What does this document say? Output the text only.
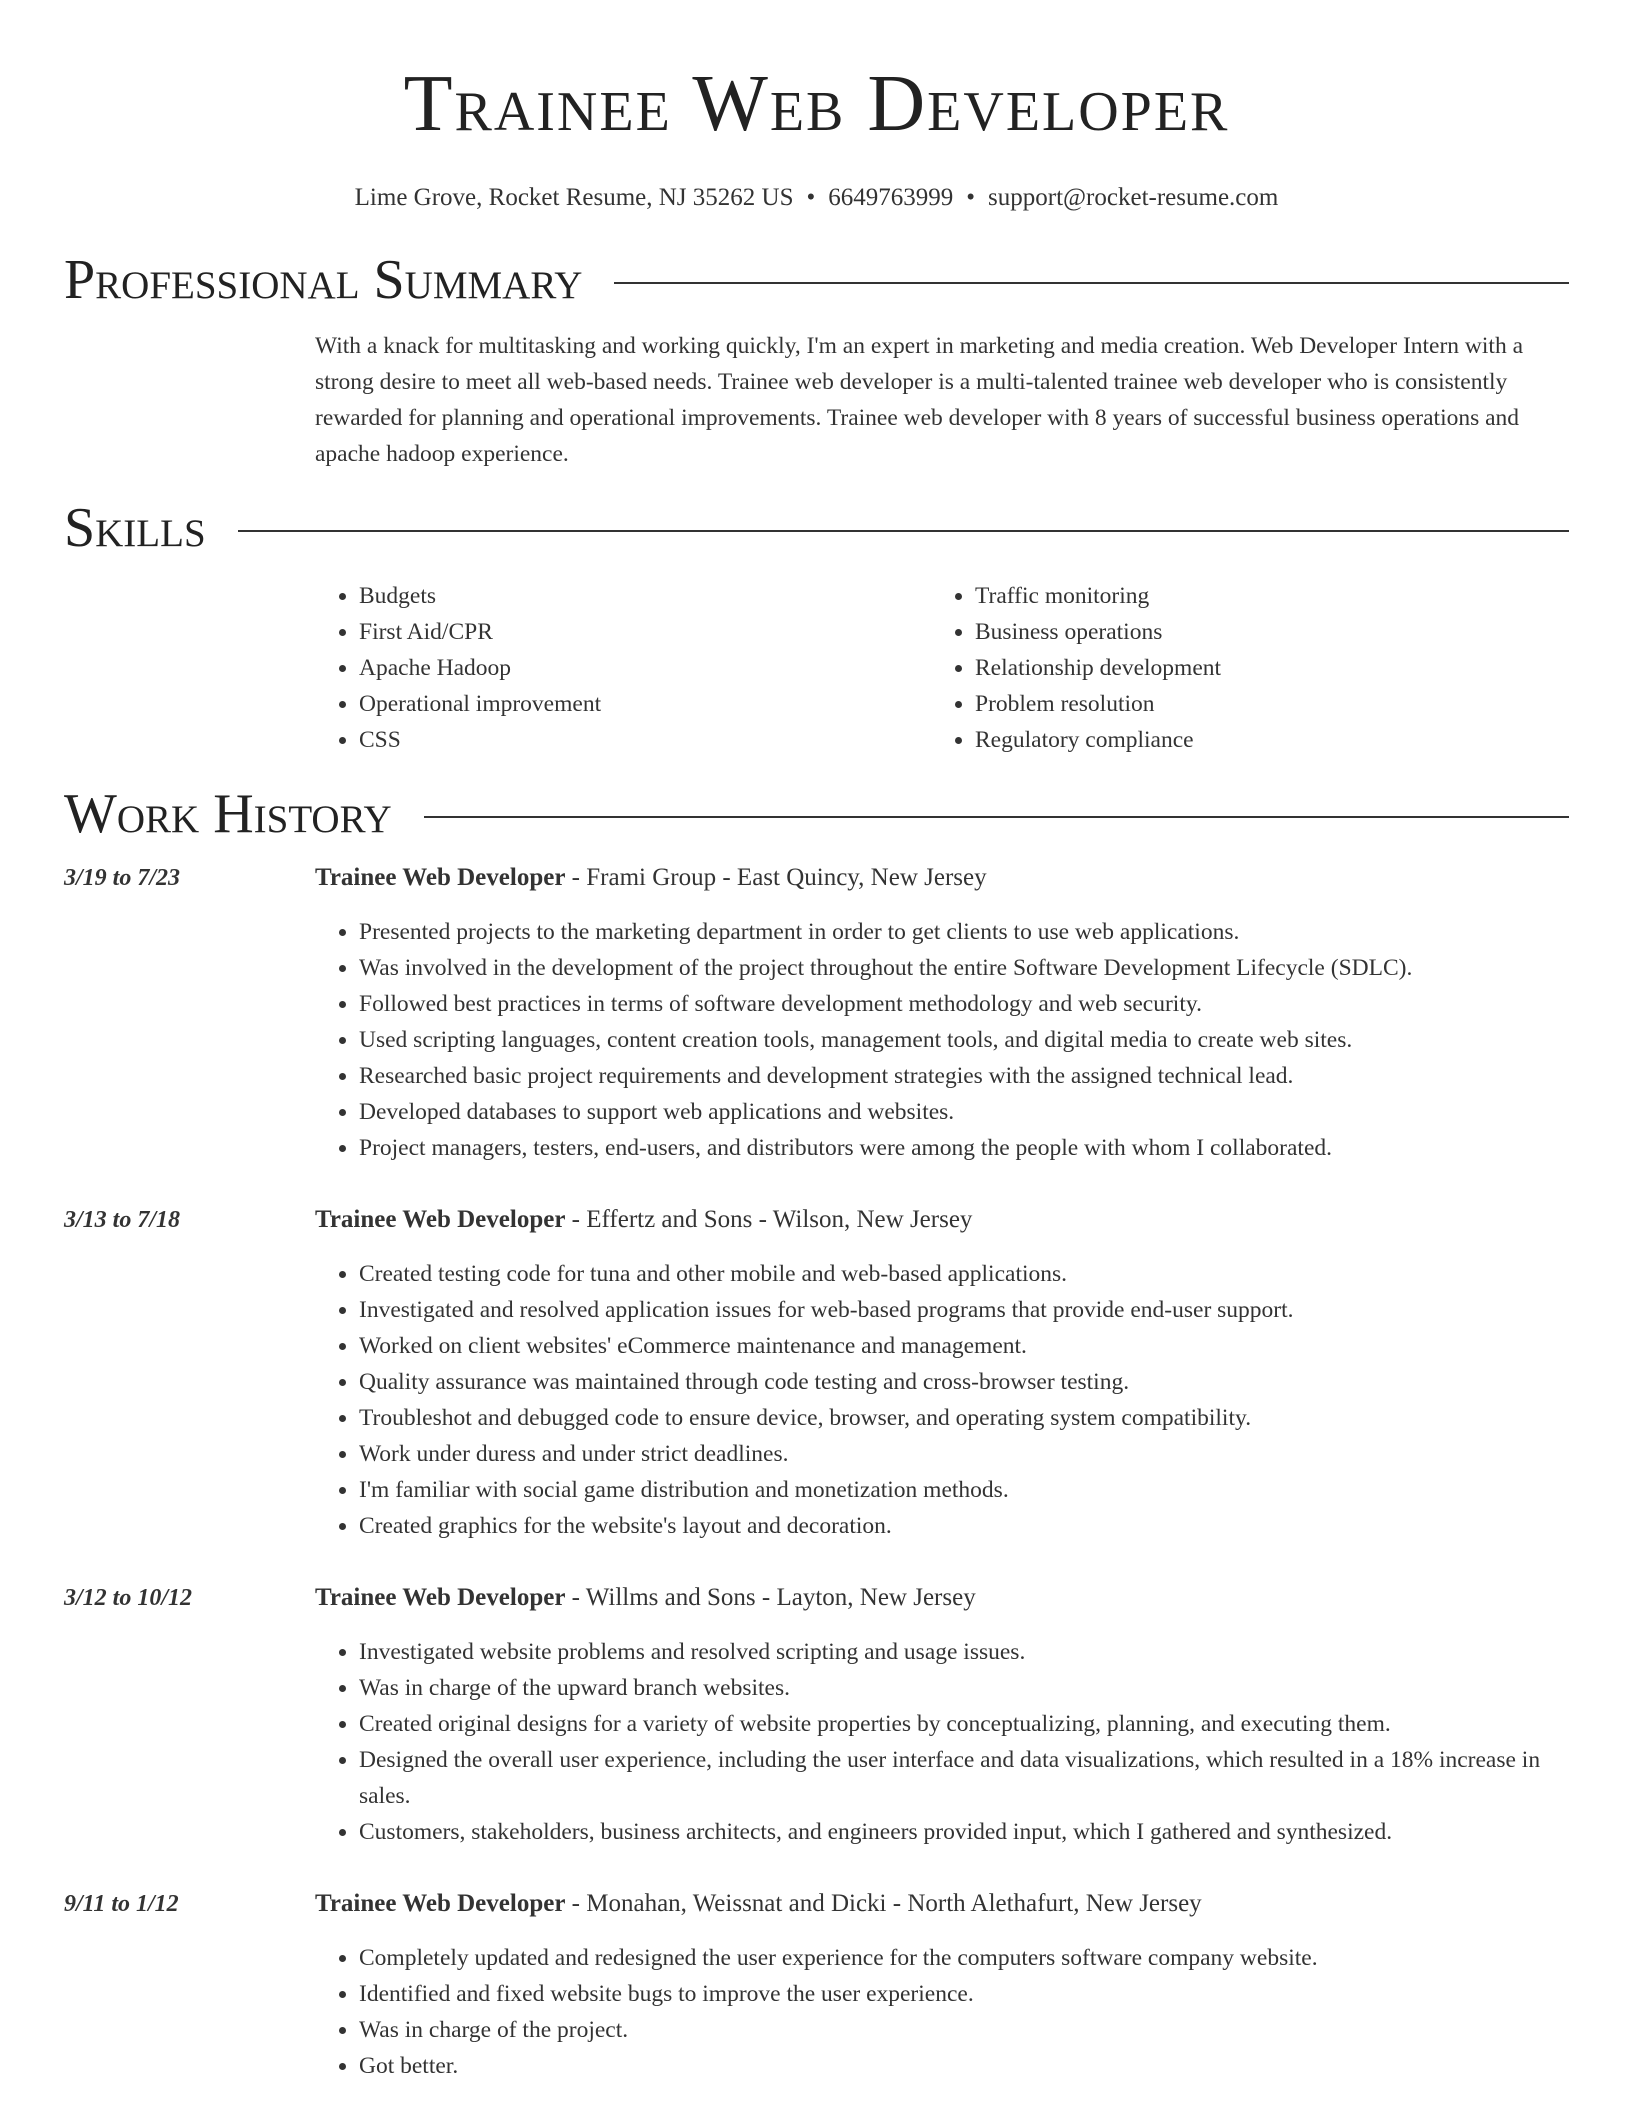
Trainee Web Developer
Lime Grove, Rocket Resume, NJ 35262 US • 6649763999 • support@rocket-resume.com
Professional Summary
With a knack for multitasking and working quickly, I'm an expert in marketing and media creation. Web Developer Intern with a strong desire to meet all web-based needs. Trainee web developer is a multi-talented trainee web developer who is consistently rewarded for planning and operational improvements. Trainee web developer with 8 years of successful business operations and apache hadoop experience.
Skills
• Budgets
• First Aid/CPR
• Apache Hadoop
• Operational improvement
• CSS
• Traffic monitoring
• Business operations
• Relationship development
• Problem resolution
• Regulatory compliance
Work History
3/19 to 7/23	Trainee Web Developer - Frami Group - East Quincy, New Jersey
• Presented projects to the marketing department in order to get clients to use web applications.
• Was involved in the development of the project throughout the entire Software Development Lifecycle (SDLC).
• Followed best practices in terms of software development methodology and web security.
• Used scripting languages, content creation tools, management tools, and digital media to create web sites.
• Researched basic project requirements and development strategies with the assigned technical lead.
• Developed databases to support web applications and websites.
• Project managers, testers, end-users, and distributors were among the people with whom I collaborated.
3/13 to 7/18	Trainee Web Developer - Effertz and Sons - Wilson, New Jersey
• Created testing code for tuna and other mobile and web-based applications.
• Investigated and resolved application issues for web-based programs that provide end-user support.
• Worked on client websites' eCommerce maintenance and management.
• Quality assurance was maintained through code testing and cross-browser testing.
• Troubleshot and debugged code to ensure device, browser, and operating system compatibility.
• Work under duress and under strict deadlines.
• I'm familiar with social game distribution and monetization methods.
• Created graphics for the website's layout and decoration.
3/12 to 10/12	Trainee Web Developer - Willms and Sons - Layton, New Jersey
• Investigated website problems and resolved scripting and usage issues.
• Was in charge of the upward branch websites.
• Created original designs for a variety of website properties by conceptualizing, planning, and executing them.
• Designed the overall user experience, including the user interface and data visualizations, which resulted in a 18% increase in sales.
• Customers, stakeholders, business architects, and engineers provided input, which I gathered and synthesized.
9/11 to 1/12	Trainee Web Developer - Monahan, Weissnat and Dicki - North Alethafurt, New Jersey
• Completely updated and redesigned the user experience for the computers software company website.
• Identified and fixed website bugs to improve the user experience.
• Was in charge of the project.
• Got better.
